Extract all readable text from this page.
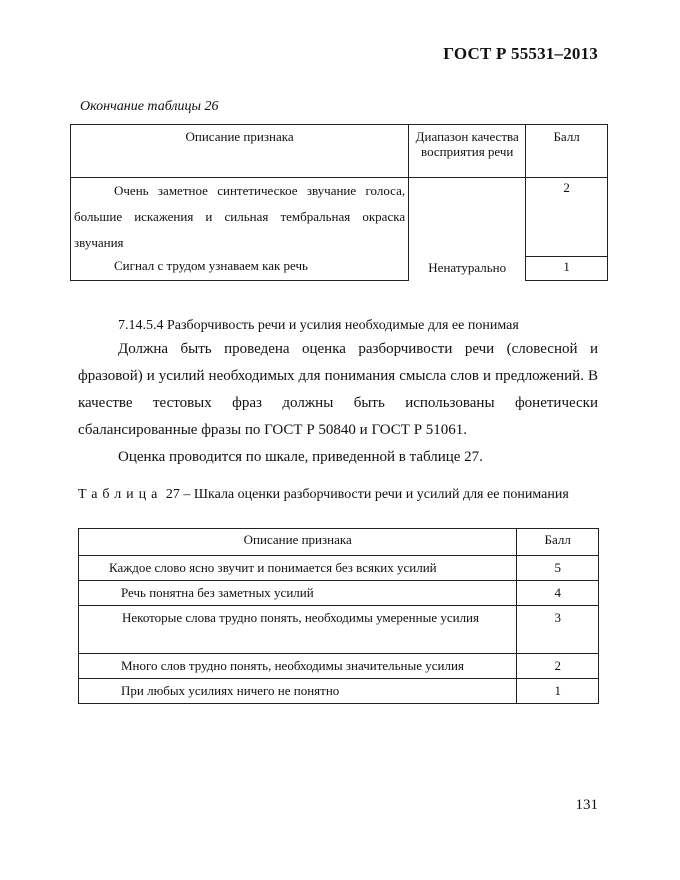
ГОСТ Р 55531–2013
Окончание таблицы 26
Описание признака	Диапазон качества восприятия речи	Балл
Очень заметное синтетическое звучание голоса, большие искажения и сильная тембральная окраска звучания	Ненатурально	2
Сигнал с трудом узнаваем как речь		1
7.14.5.4 Разборчивость речи и усилия необходимые для ее понимая
Должна быть проведена оценка разборчивости речи (словесной и фразовой) и усилий необходимых для понимания смысла слов и предложений. В качестве тестовых фраз должны быть использованы фонетически сбалансированные фразы по ГОСТ Р 50840 и ГОСТ Р 51061.
Оценка проводится по шкале, приведенной в таблице 27.
Таблица 27 – Шкала оценки разборчивости речи и усилий для ее понимания
Описание признака	Балл
Каждое слово ясно звучит и понимается без всяких усилий	5
Речь понятна без заметных усилий	4
Некоторые слова трудно понять, необходимы умеренные усилия	3
Много слов трудно понять, необходимы значительные усилия	2
При любых усилиях ничего не понятно	1
131
